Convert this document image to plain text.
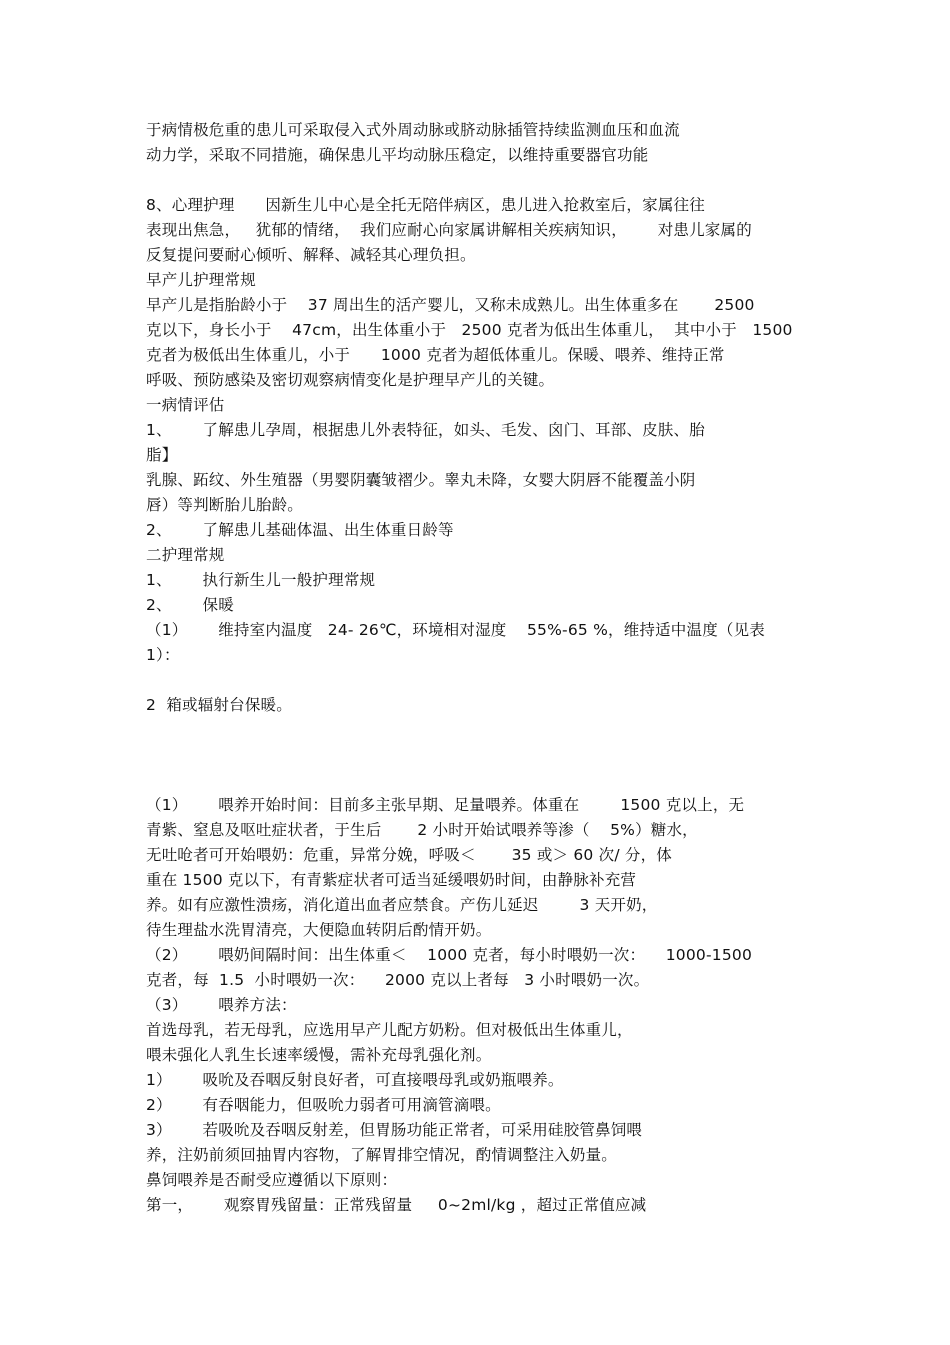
于病情极危重的患儿可采取侵入式外周动脉或脐动脉插管持续监测血压和血流
动力学，采取不同措施，确保患儿平均动脉压稳定，以维持重要器官功能
8、心理护理      因新生儿中心是全托无陪伴病区，患儿进入抢救室后，家属往往
表现出焦急，   犹郁的情绪，  我们应耐心向家属讲解相关疾病知识，      对患儿家属的
反复提问要耐心倾听、解释、减轻其心理负担。
早产儿护理常规
早产儿是指胎龄小于    37 周出生的活产婴儿，又称未成熟儿。出生体重多在       2500
克以下，身长小于    47cm，出生体重小于   2500 克者为低出生体重儿，  其中小于   1500
克者为极低出生体重儿，小于      1000 克者为超低体重儿。保暖、喂养、维持正常
呼吸、预防感染及密切观察病情变化是护理早产儿的关键。
一病情评估
1、      了解患儿孕周，根据患儿外表特征，如头、毛发、囟门、耳部、皮肤、胎
脂】
乳腺、跖纹、外生殖器（男婴阴囊皱褶少。睾丸未降，女婴大阴唇不能覆盖小阴
唇）等判断胎儿胎龄。
2、      了解患儿基础体温、出生体重日龄等
二护理常规
1、      执行新生儿一般护理常规
2、      保暖
（1）      维持室内温度   24- 26℃，环境相对湿度    55%-65 %，维持适中温度（见表
1）：
2  箱或辐射台保暖。
（1）      喂养开始时间：目前多主张早期、足量喂养。体重在        1500 克以上，无
青紫、窒息及呕吐症状者，于生后       2 小时开始试喂养等渗（    5%）糖水，
无吐呛者可开始喂奶：危重，异常分娩，呼吸＜       35 或＞ 60 次/ 分，体
重在 1500 克以下，有青紫症状者可适当延缓喂奶时间，由静脉补充营
养。如有应激性溃疡，消化道出血者应禁食。产伤儿延迟        3 天开奶，
待生理盐水洗胃清亮，大便隐血转阴后酌情开奶。
（2）      喂奶间隔时间：出生体重＜    1000 克者，每小时喂奶一次：    1000-1500
克者，每  1.5  小时喂奶一次：    2000 克以上者每   3 小时喂奶一次。
（3）      喂养方法：
首选母乳，若无母乳，应选用早产儿配方奶粉。但对极低出生体重儿，
喂未强化人乳生长速率缓慢，需补充母乳强化剂。
1）      吸吮及吞咽反射良好者，可直接喂母乳或奶瓶喂养。
2）      有吞咽能力，但吸吮力弱者可用滴管滴喂。
3）      若吸吮及吞咽反射差，但胃肠功能正常者，可采用硅胶管鼻饲喂
养，注奶前须回抽胃内容物，了解胃排空情况，酌情调整注入奶量。
鼻饲喂养是否耐受应遵循以下原则：
第一，      观察胃残留量：正常残留量     0~2ml/kg ，超过正常值应减
